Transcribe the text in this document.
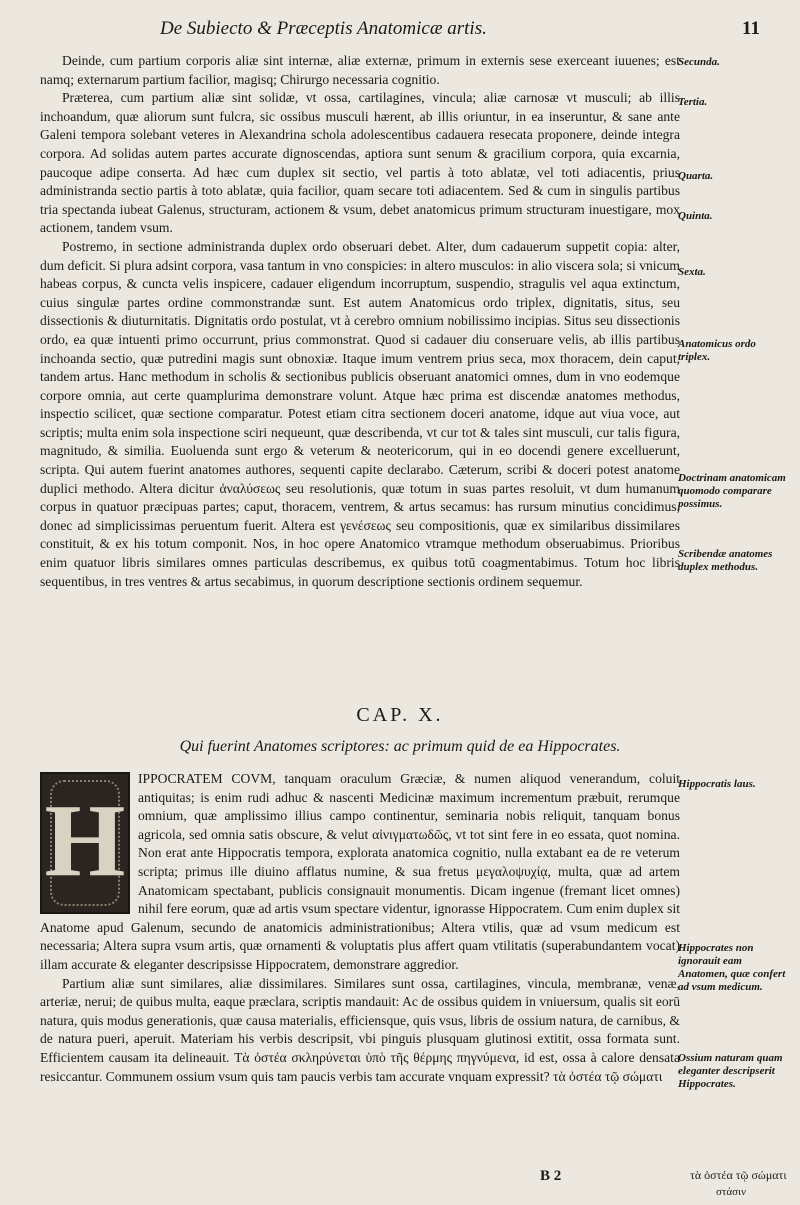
De Subiecto & Præceptis Anatomicæ artis.	11

Deinde, cum partium corporis aliæ sint internæ, aliæ externæ, primum in externis sese exerceant iuuenes; est namq; externarum partium facilior, magisq; Chirurgo necessaria cognitio.

Præterea, cum partium aliæ sint solidæ, vt ossa, cartilagines, vincula; aliæ carnosæ vt musculi; ab illis inchoandum, quæ aliorum sunt fulcra, sic ossibus musculi hærent, ab illis oriuntur, in ea inseruntur, & sane ante Galeni tempora solebant veteres in Alexandrina schola adolescentibus cadauera resecata proponere, deinde integra corpora. Ad solidas autem partes accurate dignoscendas, aptiora sunt senum & gracilium corpora, quia excarnia, paucoque adipe conserta. Ad hæc cum duplex sit sectio, vel partis à toto ablatæ, vel toti adiacentis, prius administranda sectio partis à toto ablatæ, quia facilior, quam secare toti adiacentem. Sed & cum in singulis partibus tria spectanda iubeat Galenus, structuram, actionem & vsum, debet anatomicus primum structuram inuestigare, mox actionem, tandem vsum.

Postremo, in sectione administranda duplex ordo obseruari debet. Alter, dum cadauerum suppetit copia: alter, dum deficit. Si plura adsint corpora, vasa tantum in vno conspicies: in altero musculos: in alio viscera sola; si vnicum habeas corpus, & cuncta velis inspicere, cadauer eligendum incorruptum, suspendio, stragulis vel aqua extinctum, cuius singulæ partes ordine commonstrandæ sunt. Est autem Anatomicus ordo triplex, dignitatis, situs, seu dissectionis & diuturnitatis. Dignitatis ordo postulat, vt à cerebro omnium nobilissimo incipias. Situs seu dissectionis ordo, ea quæ intuenti primo occurrunt, prius commonstrat. Quod si cadauer diu conseruare velis, ab illis partibus inchoanda sectio, quæ putredini magis sunt obnoxiæ. Itaque imum ventrem prius seca, mox thoracem, dein caput, tandem artus. Hanc methodum in scholis & sectionibus publicis obseruant anatomici omnes, dum in vno eodemque corpore omnia, aut certe quamplurima demonstrare volunt. Atque hæc prima est discendæ anatomes methodus, inspectio scilicet, quæ sectione comparatur. Potest etiam citra sectionem doceri anatome, idque aut viua voce, aut scriptis; multa enim sola inspectione sciri nequeunt, quæ describenda, vt cur tot & tales sint musculi, cur talis figura, magnitudo, & similia. Euoluenda sunt ergo & veterum & neotericorum, qui in eo docendi genere excelluerunt, scripta. Qui autem fuerint anatomes authores, sequenti capite declarabo. Cæterum, scribi & doceri potest anatome duplici methodo. Altera dicitur ἀναλύσεως seu resolutionis, quæ totum in suas partes resoluit, vt dum humanum corpus in quatuor præcipuas partes; caput, thoracem, ventrem, & artus secamus: has rursum minutius concidimus, donec ad simplicissimas peruentum fuerit. Altera est γενέσεως seu compositionis, quæ ex similaribus dissimilares constituit, & ex his totum componit. Nos, in hoc opere Anatomico vtramque methodum obseruabimus. Prioribus enim quatuor libris similares omnes particulas describemus, ex quibus totū coagmentabimus. Totum hoc libris sequentibus, in tres ventres & artus secabimus, in quorum descriptione sectionis ordinem sequemur.

Secunda.
Tertia.
Quarta.
Quinta.
Sexta.
Anatomicus ordo triplex.
Doctrinam anatomicam quomodo comparare possimus.
Scribendæ anatomes duplex methodus.
Hippocratis laus.
Hippocrates non ignorauit eam Anatomen, quæ confert ad vsum medicum.
Ossium naturam quam eleganter descripserit Hippocrates.
CAP. X.
Qui fuerint Anatomes scriptores: ac primum quid de ea Hippocrates.
H

IPPOCRATEM COVM, tanquam oraculum Græciæ, & numen aliquod venerandum, coluit antiquitas; is enim rudi adhuc & nascenti Medicinæ maximum incrementum præbuit, rerumque omnium, quæ amplissimo illius campo continentur, seminaria nobis reliquit, tanquam bonus agricola, sed omnia satis obscure, & velut αἰνιγματωδῶς, vt tot sint fere in eo essata, quot nomina. Non erat ante Hippocratis tempora, explorata anatomica cognitio, nulla extabant ea de re veterum scripta; primus ille diuino afflatus numine, & sua fretus μεγαλοψυχίᾳ, multa, quæ ad artem Anatomicam spectabant, publicis consignauit monumentis. Dicam ingenue (fremant licet omnes) nihil fere eorum, quæ ad artis vsum spectare videntur, ignorasse Hippocratem. Cum enim duplex sit Anatome apud Galenum, secundo de anatomicis administrationibus; Altera vtilis, quæ ad vsum medicum est necessaria; Altera supra vsum artis, quæ ornamenti & voluptatis plus affert quam vtilitatis (superabundantem vocat) illam accurate & eleganter descripsisse Hippocratem, demonstrare aggredior.

Partium aliæ sunt similares, aliæ dissimilares. Similares sunt ossa, cartilagines, vincula, membranæ, venæ, arteriæ, nerui; de quibus multa, eaque præclara, scriptis mandauit: Ac de ossibus quidem in vniuersum, qualis sit eorū natura, quis modus generationis, quæ causa materialis, efficiensque, quis vsus, libris de ossium natura, de carnibus, & de natura pueri, aperuit. Materiam his verbis descripsit, vbi pinguis plusquam glutinosi extitit, ossa formata sunt. Efficientem causam ita delineauit. Τὰ ὀστέα σκληρύνεται ὑπὸ τῆς θέρμης πηγνύμενα, id est, ossa à calore densata resiccantur. Communem ossium vsum quis tam paucis verbis tam accurate vnquam expressit? τὰ ὀστέα τῷ σώματι

B 2	τὰ ὀστέα τῷ σώματι
στάσιν
